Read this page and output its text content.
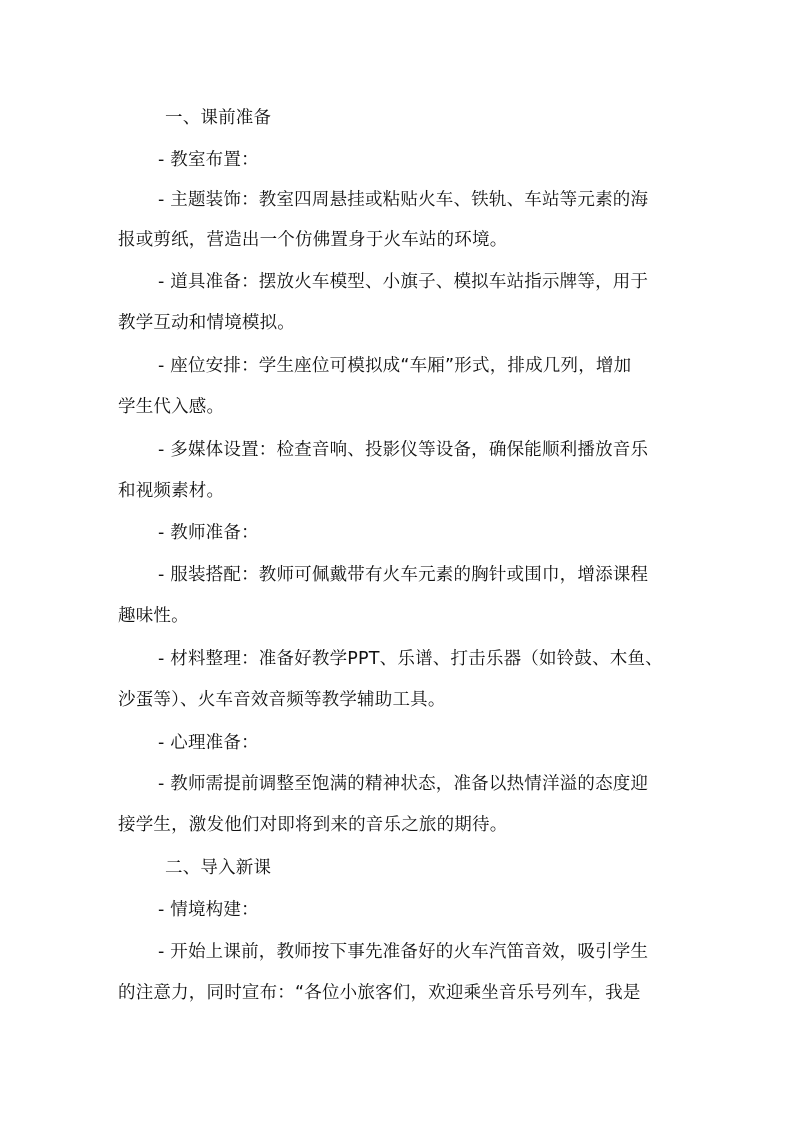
一、课前准备
- 教室布置：
- 主题装饰：教室四周悬挂或粘贴火车、铁轨、车站等元素的海
报或剪纸，营造出一个仿佛置身于火车站的环境。
- 道具准备：摆放火车模型、小旗子、模拟车站指示牌等，用于
教学互动和情境模拟。
- 座位安排：学生座位可模拟成“车厢”形式，排成几列，增加
学生代入感。
- 多媒体设置：检查音响、投影仪等设备，确保能顺利播放音乐
和视频素材。
- 教师准备：
- 服装搭配：教师可佩戴带有火车元素的胸针或围巾，增添课程
趣味性。
- 材料整理：准备好教学PPT、乐谱、打击乐器（如铃鼓、木鱼、
沙蛋等）、火车音效音频等教学辅助工具。
- 心理准备：
- 教师需提前调整至饱满的精神状态，准备以热情洋溢的态度迎
接学生，激发他们对即将到来的音乐之旅的期待。
二、导入新课
- 情境构建：
- 开始上课前，教师按下事先准备好的火车汽笛音效，吸引学生
的注意力，同时宣布：“各位小旅客们，欢迎乘坐音乐号列车，我是
